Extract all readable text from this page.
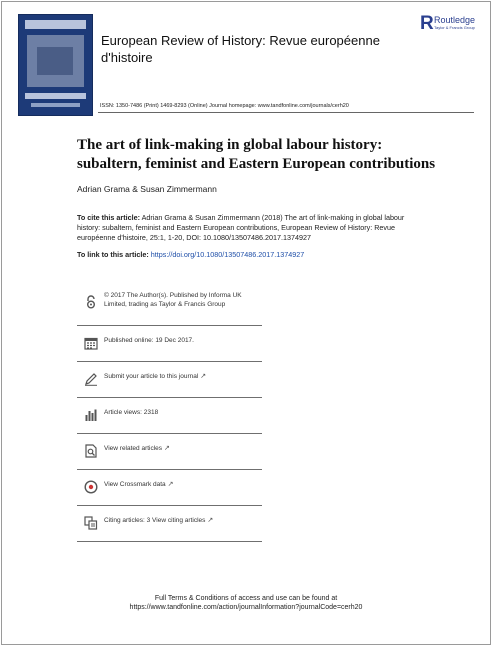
European Review of History: Revue européenne d'histoire
R Routledge
Taylor & Francis Group
ISSN: 1350-7486 (Print) 1469-8293 (Online) Journal homepage: www.tandfonline.com/journals/cerh20
The art of link-making in global labour history:
subaltern, feminist and Eastern European contributions
Adrian Grama & Susan Zimmermann
To cite this article: Adrian Grama & Susan Zimmermann (2018) The art of link-making in global labour history: subaltern, feminist and Eastern European contributions, European Review of History: Revue européenne d'histoire, 25:1, 1-20, DOI: 10.1080/13507486.2017.1374927
To link to this article: https://doi.org/10.1080/13507486.2017.1374927
© 2017 The Author(s). Published by Informa UK Limited, trading as Taylor & Francis Group
Published online: 19 Dec 2017.
Submit your article to this journal ↗
Article views: 2318
View related articles ↗
View Crossmark data ↗
Citing articles: 3 View citing articles ↗
Full Terms & Conditions of access and use can be found at
https://www.tandfonline.com/action/journalInformation?journalCode=cerh20
